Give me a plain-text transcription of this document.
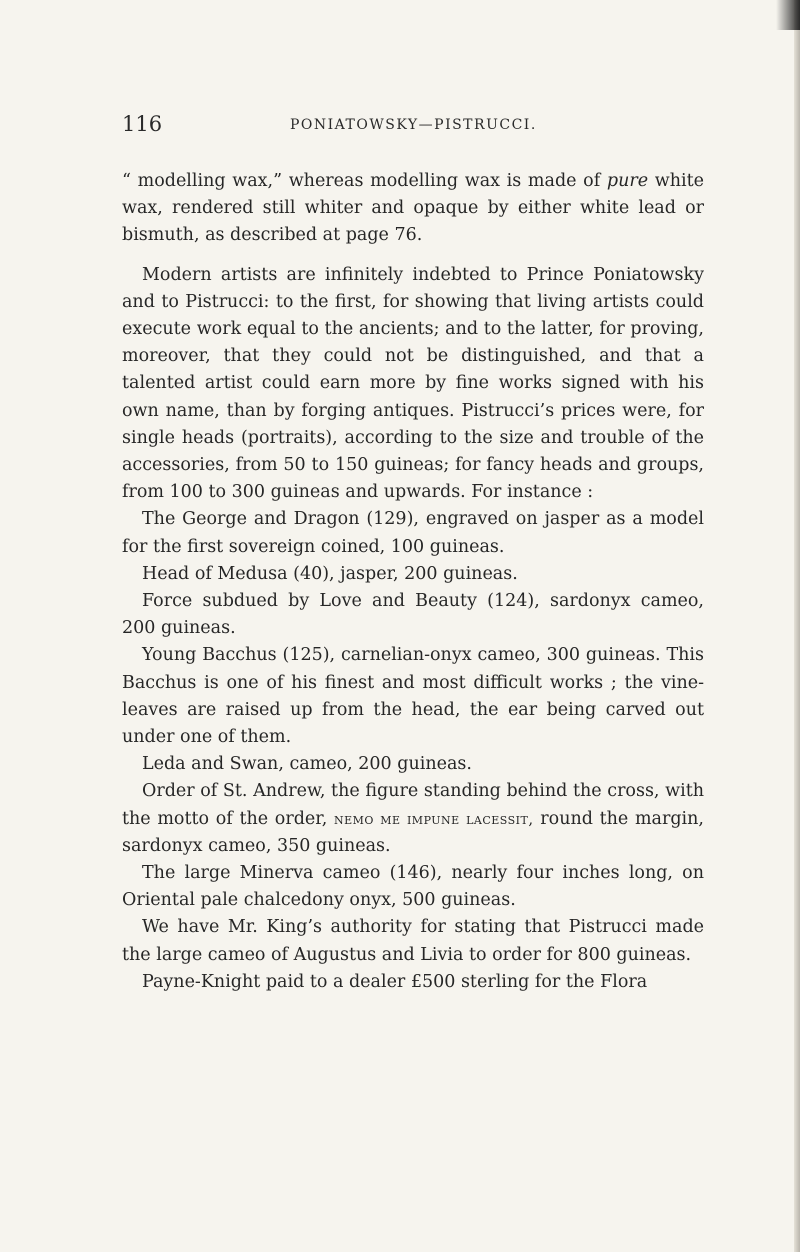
116	PONIATOWSKY—PISTRUCCI.

“ modelling wax,” whereas modelling wax is made of pure white wax, rendered still whiter and opaque by either white lead or bismuth, as described at page 76.

Modern artists are infinitely indebted to Prince Poniatowsky and to Pistrucci: to the first, for showing that living artists could execute work equal to the ancients; and to the latter, for proving, moreover, that they could not be distinguished, and that a talented artist could earn more by fine works signed with his own name, than by forging antiques. Pistrucci’s prices were, for single heads (portraits), according to the size and trouble of the accessories, from 50 to 150 guineas; for fancy heads and groups, from 100 to 300 guineas and upwards. For instance :

The George and Dragon (129), engraved on jasper as a model for the first sovereign coined, 100 guineas.

Head of Medusa (40), jasper, 200 guineas.

Force subdued by Love and Beauty (124), sardonyx cameo, 200 guineas.

Young Bacchus (125), carnelian-onyx cameo, 300 guineas. This Bacchus is one of his finest and most difficult works ; the vine-leaves are raised up from the head, the ear being carved out under one of them.

Leda and Swan, cameo, 200 guineas.

Order of St. Andrew, the figure standing behind the cross, with the motto of the order, nemo me impune lacessit, round the margin, sardonyx cameo, 350 guineas.

The large Minerva cameo (146), nearly four inches long, on Oriental pale chalcedony onyx, 500 guineas.

We have Mr. King’s authority for stating that Pistrucci made the large cameo of Augustus and Livia to order for 800 guineas.

Payne-Knight paid to a dealer £500 sterling for the Flora
